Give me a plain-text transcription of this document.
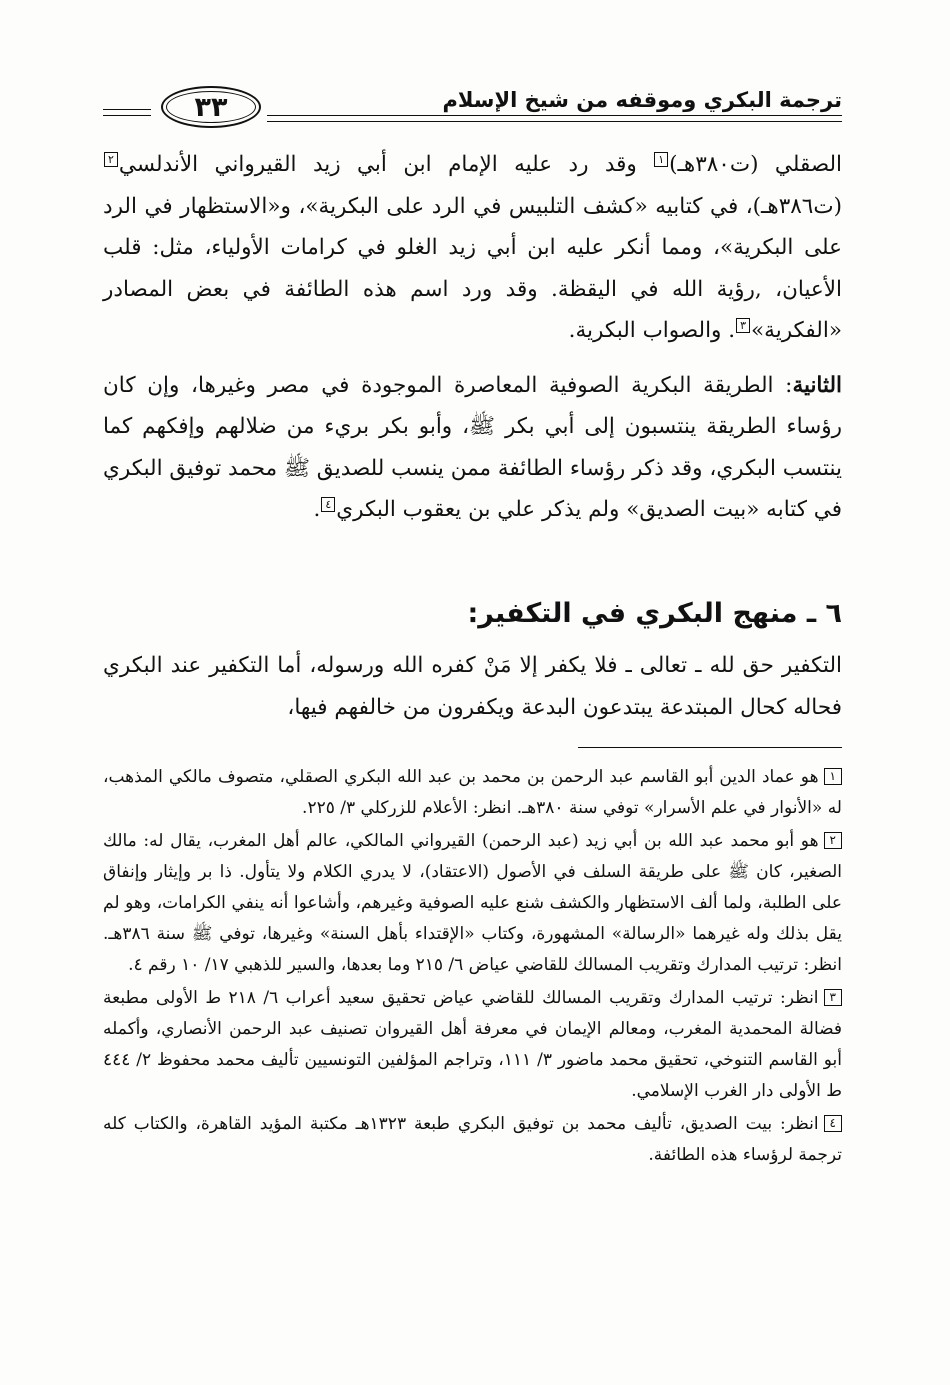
ترجمة البكري وموقفه من شيخ الإسلام
٣٣

الصقلي (ت٣٨٠هـ)١ وقد رد عليه الإمام ابن أبي زيد القيرواني الأندلسي٢ (ت٣٨٦هـ)، في كتابيه «كشف التلبيس في الرد على البكرية»، و«الاستظهار في الرد على البكرية»، ومما أنكر عليه ابن أبي زيد الغلو في كرامات الأولياء، مثل: قلب الأعيان، ,رؤية الله في اليقظة. وقد ورد اسم هذه الطائفة في بعض المصادر «الفكرية»٣. والصواب البكرية.

الثانية: الطريقة البكرية الصوفية المعاصرة الموجودة في مصر وغيرها، وإن كان رؤساء الطريقة ينتسبون إلى أبي بكر ﷺ، وأبو بكر بريء من ضلالهم وإفكهم كما ينتسب البكري، وقد ذكر رؤساء الطائفة ممن ينسب للصديق ﷺ محمد توفيق البكري في كتابه «بيت الصديق» ولم يذكر علي بن يعقوب البكري٤.

٦ ـ منهج البكري في التكفير:

التكفير حق لله ـ تعالى ـ فلا يكفر إلا مَنْ كفره الله ورسوله، أما التكفير عند البكري فحاله كحال المبتدعة يبتدعون البدعة ويكفرون من خالفهم فيها،

١هو عماد الدين أبو القاسم عبد الرحمن بن محمد بن عبد الله البكري الصقلي، متصوف مالكي المذهب، له «الأنوار في علم الأسرار» توفي سنة ٣٨٠هـ. انظر: الأعلام للزركلي ٣/ ٢٢٥.

٢هو أبو محمد عبد الله بن أبي زيد (عبد الرحمن) القيرواني المالكي، عالم أهل المغرب، يقال له: مالك الصغير، كان ﷺ على طريقة السلف في الأصول (الاعتقاد)، لا يدري الكلام ولا يتأول. ذا بر وإيثار وإنفاق على الطلبة، ولما ألف الاستظهار والكشف شنع عليه الصوفية وغيرهم، وأشاعوا أنه ينفي الكرامات، وهو لم يقل بذلك وله غيرهما «الرسالة» المشهورة، وكتاب «الإقتداء بأهل السنة» وغيرها، توفي ﷺ سنة ٣٨٦هـ. انظر: ترتيب المدارك وتقريب المسالك للقاضي عياض ٦/ ٢١٥ وما بعدها، والسير للذهبي ١٧/ ١٠ رقم ٤.

٣انظر: ترتيب المدارك وتقريب المسالك للقاضي عياض تحقيق سعيد أعراب ٦/ ٢١٨ ط الأولى مطبعة فضالة المحمدية المغرب، ومعالم الإيمان في معرفة أهل القيروان تصنيف عبد الرحمن الأنصاري، وأكمله أبو القاسم التنوخي، تحقيق محمد ماضور ٣/ ١١١، وتراجم المؤلفين التونسيين تأليف محمد محفوظ ٢/ ٤٤٤ ط الأولى دار الغرب الإسلامي.

٤انظر: بيت الصديق، تأليف محمد بن توفيق البكري طبعة ١٣٢٣هـ مكتبة المؤيد القاهرة، والكتاب كله ترجمة لرؤساء هذه الطائفة.
